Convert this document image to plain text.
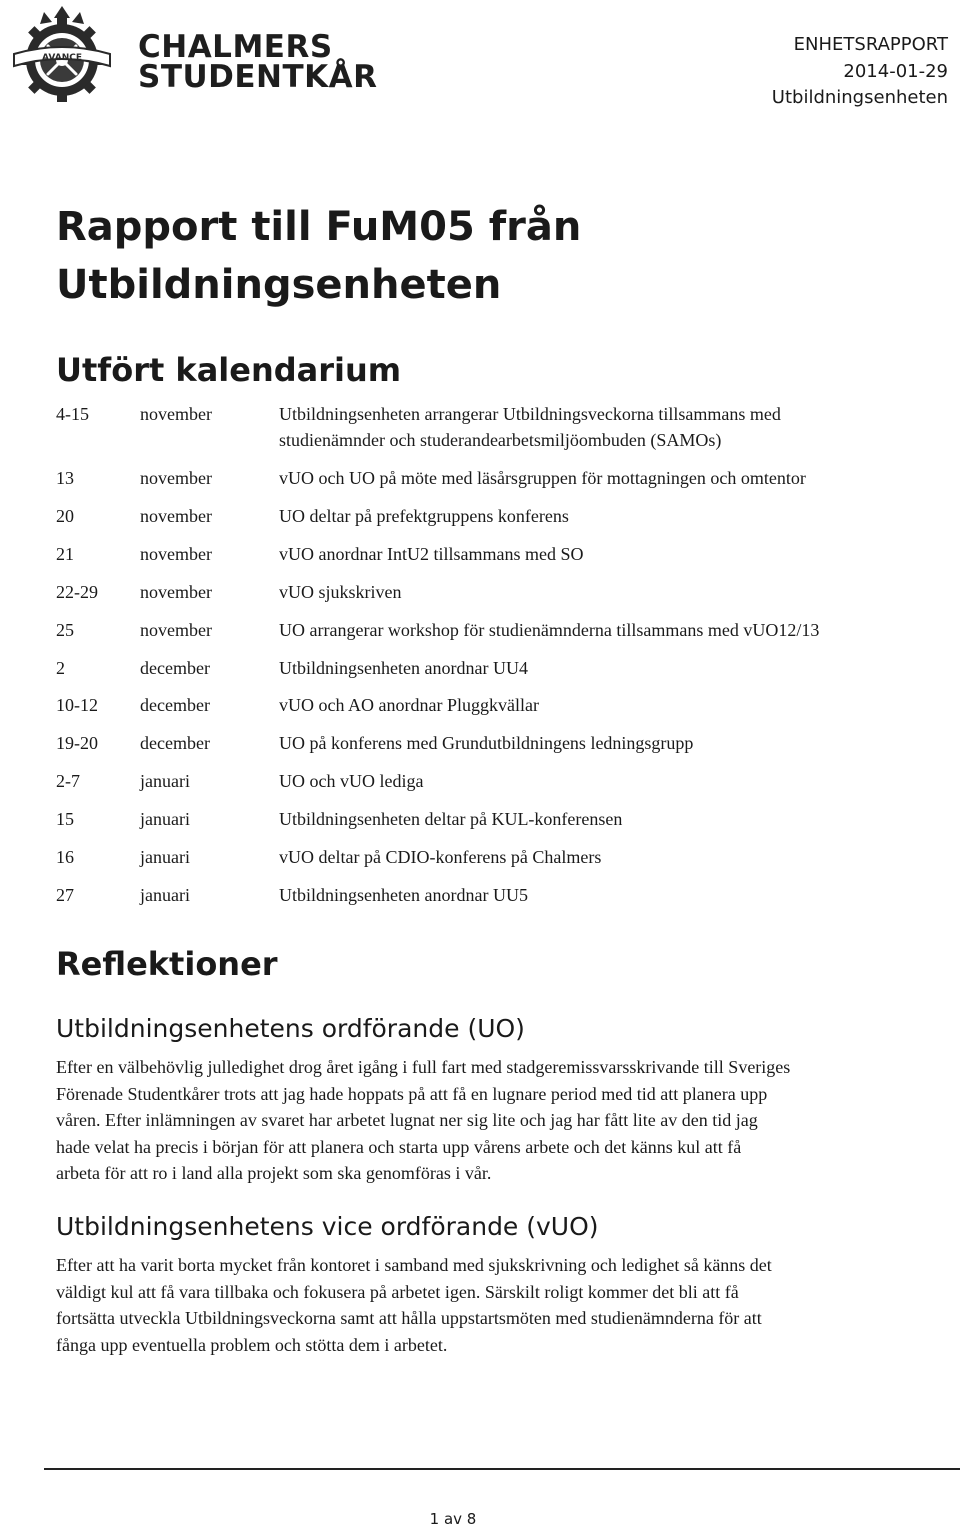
AVANCE CHALMERS
STUDENTKÅR
ENHETSRAPPORT
2014-01-29
Utbildningsenheten
Rapport till FuM05 från
Utbildningsenheten
Utfört kalendarium
4-15	november	Utbildningsenheten arrangerar Utbildningsveckorna tillsammans med
studienämnder och studerandearbetsmiljöombuden (SAMOs)
13	november	vUO och UO på möte med läsårsgruppen för mottagningen och omtentor
20	november	UO deltar på prefektgruppens konferens
21	november	vUO anordnar IntU2 tillsammans med SO
22-29 november	vUO sjukskriven
25	november	UO arrangerar workshop för studienämnderna tillsammans med vUO12/13
2	december	Utbildningsenheten anordnar UU4
10-12 december	vUO och AO anordnar Pluggkvällar
19-20 december	UO på konferens med Grundutbildningens ledningsgrupp
2-7	januari	UO och vUO lediga
15	januari	Utbildningsenheten deltar på KUL-konferensen
16	januari	vUO deltar på CDIO-konferens på Chalmers
27	januari	Utbildningsenheten anordnar UU5
Reflektioner
Utbildningsenhetens ordförande (UO)

Efter en välbehövlig julledighet drog året igång i full fart med stadgeremissvarsskrivande till Sveriges
Förenade Studentkårer trots att jag hade hoppats på att få en lugnare period med tid att planera upp
våren. Efter inlämningen av svaret har arbetet lugnat ner sig lite och jag har fått lite av den tid jag
hade velat ha precis i början för att planera och starta upp vårens arbete och det känns kul att få
arbeta för att ro i land alla projekt som ska genomföras i vår.

Utbildningsenhetens vice ordförande (vUO)

Efter att ha varit borta mycket från kontoret i samband med sjukskrivning och ledighet så känns det
väldigt kul att få vara tillbaka och fokusera på arbetet igen. Särskilt roligt kommer det bli att få
fortsätta utveckla Utbildningsveckorna samt att hålla uppstartsmöten med studienämnderna för att
fånga upp eventuella problem och stötta dem i arbetet.

1 av 8
